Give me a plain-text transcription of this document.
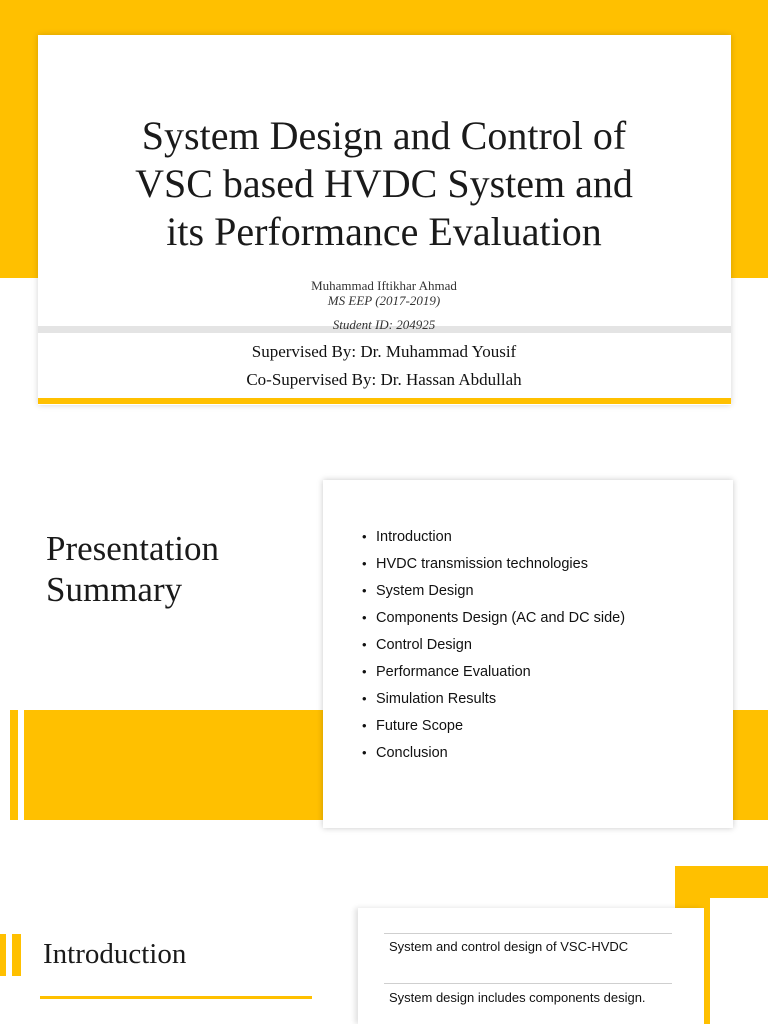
System Design and Control of
VSC based HVDC System and
its Performance Evaluation
Muhammad Iftikhar Ahmad
MS EEP (2017-2019)
Student ID: 204925
Supervised By: Dr. Muhammad Yousif
Co-Supervised By: Dr. Hassan Abdullah
Presentation
Summary
• Introduction
• HVDC transmission technologies
• System Design
• Components Design (AC and DC side)
• Control Design
• Performance Evaluation
• Simulation Results
• Future Scope
• Conclusion
Introduction	System and control design of VSC-HVDC
System design includes components design.
